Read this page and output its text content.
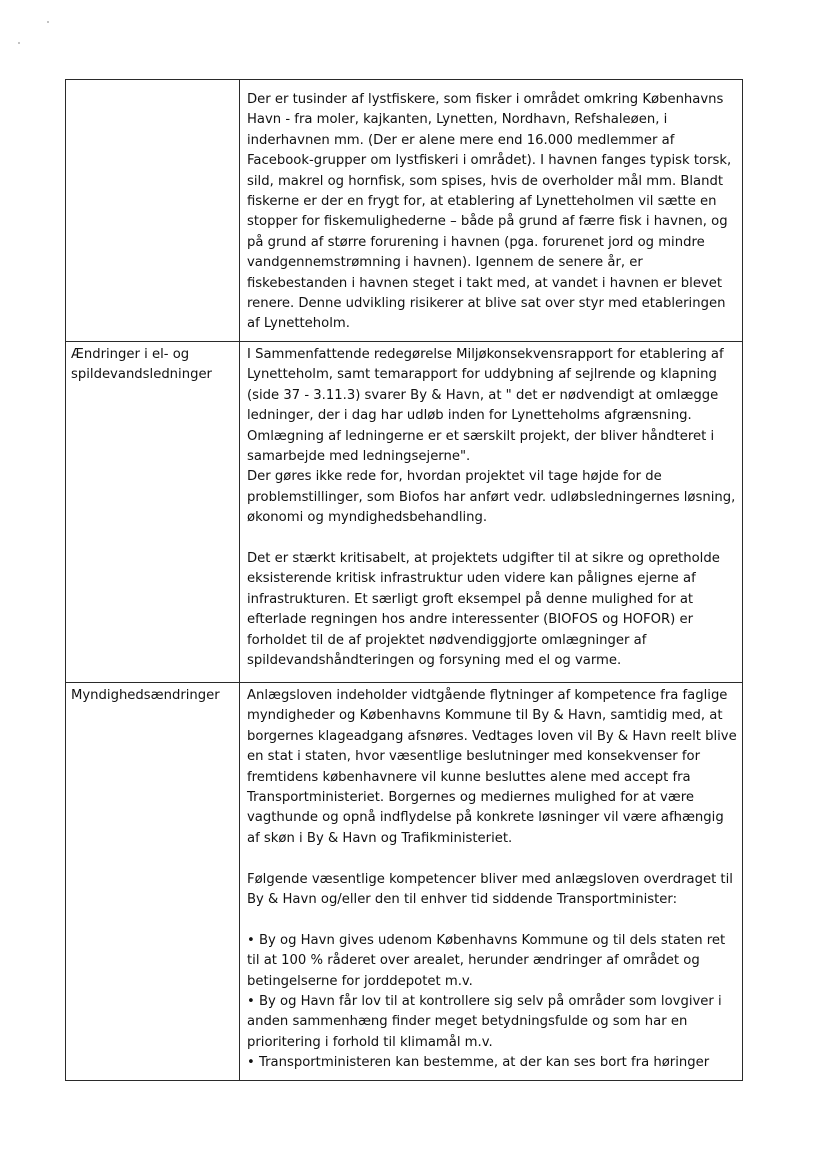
	Der er tusinder af lystfiskere, som fisker i området omkring Københavns Havn - fra moler, kajkanten, Lynetten, Nordhavn, Refshaleøen, i inderhavnen mm. (Der er alene mere end 16.000 medlemmer af Facebook-grupper om lystfiskeri i området). I havnen fanges typisk torsk, sild, makrel og hornfisk, som spises, hvis de overholder mål mm. Blandt fiskerne er der en frygt for, at etablering af Lynetteholmen vil sætte en stopper for fiskemulighederne – både på grund af færre fisk i havnen, og på grund af større forurening i havnen (pga. forurenet jord og mindre vandgennemstrømning i havnen). Igennem de senere år, er fiskebestanden i havnen steget i takt med, at vandet i havnen er blevet renere. Denne udvikling risikerer at blive sat over styr med etableringen af Lynetteholm.

Ændringer i el- og spildevandsledninger	I Sammenfattende redegørelse Miljøkonsekvensrapport for etablering af Lynetteholm, samt temarapport for uddybning af sejlrende og klapning (side 37 - 3.11.3) svarer By & Havn, at " det er nødvendigt at omlægge ledninger, der i dag har udløb inden for Lynetteholms afgrænsning. Omlægning af ledningerne er et særskilt projekt, der bliver håndteret i samarbejde med ledningsejerne".

Der gøres ikke rede for, hvordan projektet vil tage højde for de problemstillinger, som Biofos har anført vedr. udløbsledningernes løsning, økonomi og myndighedsbehandling.

Det er stærkt kritisabelt, at projektets udgifter til at sikre og opretholde eksisterende kritisk infrastruktur uden videre kan pålignes ejerne af infrastrukturen. Et særligt groft eksempel på denne mulighed for at efterlade regningen hos andre interessenter (BIOFOS og HOFOR) er forholdet til de af projektet nødvendiggjorte omlægninger af spildevandshåndteringen og forsyning med el og varme.

Myndighedsændringer	Anlægsloven indeholder vidtgående flytninger af kompetence fra faglige myndigheder og Københavns Kommune til By & Havn, samtidig med, at borgernes klageadgang afsnøres. Vedtages loven vil By & Havn reelt blive en stat i staten, hvor væsentlige beslutninger med konsekvenser for fremtidens københavnere vil kunne besluttes alene med accept fra Transportministeriet. Borgernes og mediernes mulighed for at være vagthunde og opnå indflydelse på konkrete løsninger vil være afhængig af skøn i By & Havn og Trafikministeriet.

Følgende væsentlige kompetencer bliver med anlægsloven overdraget til By & Havn og/eller den til enhver tid siddende Transportminister:

• By og Havn gives udenom Københavns Kommune og til dels staten ret til at 100 % råderet over arealet, herunder ændringer af området og betingelserne for jorddepotet m.v.

• By og Havn får lov til at kontrollere sig selv på områder som lovgiver i anden sammenhæng finder meget betydningsfulde og som har en prioritering i forhold til klimamål m.v.

• Transportministeren kan bestemme, at der kan ses bort fra høringer
